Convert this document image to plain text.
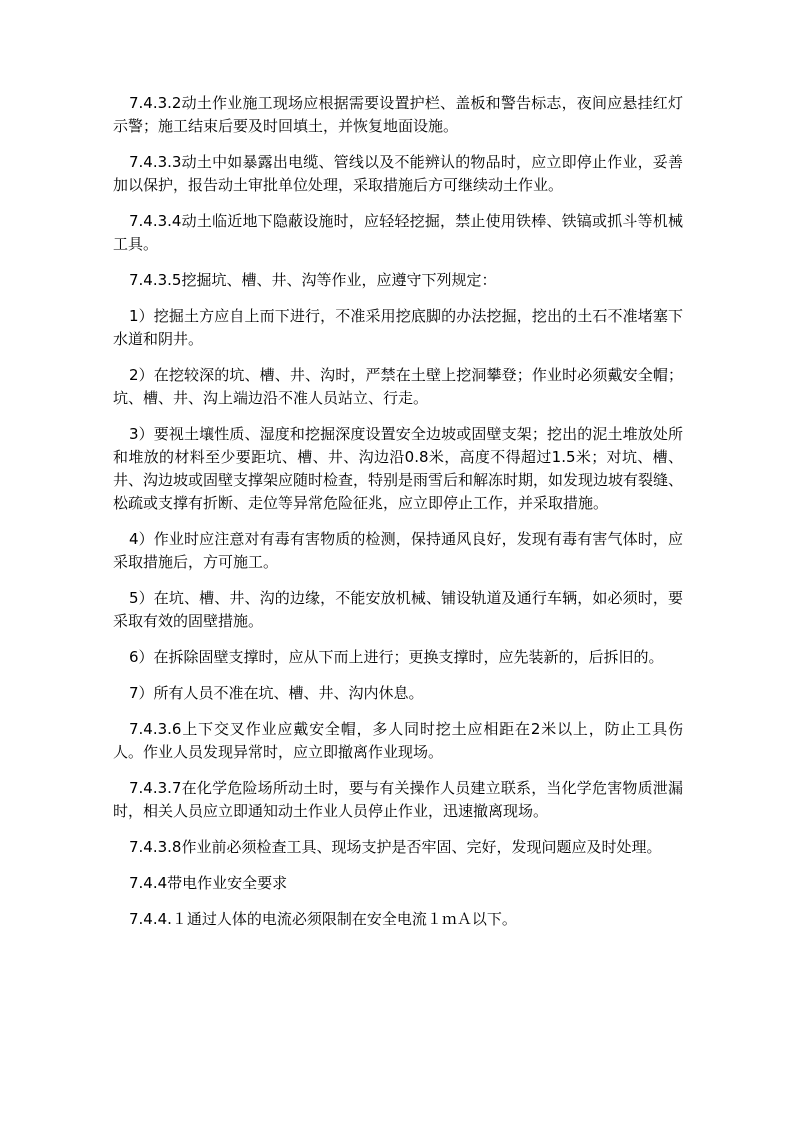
7.4.3.2动土作业施工现场应根据需要设置护栏、盖板和警告标志，夜间应悬挂红灯示警；施工结束后要及时回填土，并恢复地面设施。

7.4.3.3动土中如暴露出电缆、管线以及不能辨认的物品时，应立即停止作业，妥善加以保护，报告动土审批单位处理，采取措施后方可继续动土作业。

7.4.3.4动土临近地下隐蔽设施时，应轻轻挖掘，禁止使用铁棒、铁镐或抓斗等机械工具。

7.4.3.5挖掘坑、槽、井、沟等作业，应遵守下列规定：

1）挖掘土方应自上而下进行，不准采用挖底脚的办法挖掘，挖出的土石不准堵塞下水道和阴井。

2）在挖较深的坑、槽、井、沟时，严禁在土壁上挖洞攀登；作业时必须戴安全帽；坑、槽、井、沟上端边沿不准人员站立、行走。

3）要视土壤性质、湿度和挖掘深度设置安全边坡或固壁支架；挖出的泥土堆放处所和堆放的材料至少要距坑、槽、井、沟边沿0.8米，高度不得超过1.5米；对坑、槽、井、沟边坡或固壁支撑架应随时检查，特别是雨雪后和解冻时期，如发现边坡有裂缝、松疏或支撑有折断、走位等异常危险征兆，应立即停止工作，并采取措施。

4）作业时应注意对有毒有害物质的检测，保持通风良好，发现有毒有害气体时，应采取措施后，方可施工。

5）在坑、槽、井、沟的边缘，不能安放机械、铺设轨道及通行车辆，如必须时，要采取有效的固壁措施。

6）在拆除固壁支撑时，应从下而上进行；更换支撑时，应先装新的，后拆旧的。

7）所有人员不准在坑、槽、井、沟内休息。

7.4.3.6上下交叉作业应戴安全帽，多人同时挖土应相距在2米以上，防止工具伤人。作业人员发现异常时，应立即撤离作业现场。

7.4.3.7在化学危险场所动土时，要与有关操作人员建立联系，当化学危害物质泄漏时，相关人员应立即通知动土作业人员停止作业，迅速撤离现场。

7.4.3.8作业前必须检查工具、现场支护是否牢固、完好，发现问题应及时处理。

7.4.4带电作业安全要求

7.4.4.１通过人体的电流必须限制在安全电流１ｍＡ以下。
